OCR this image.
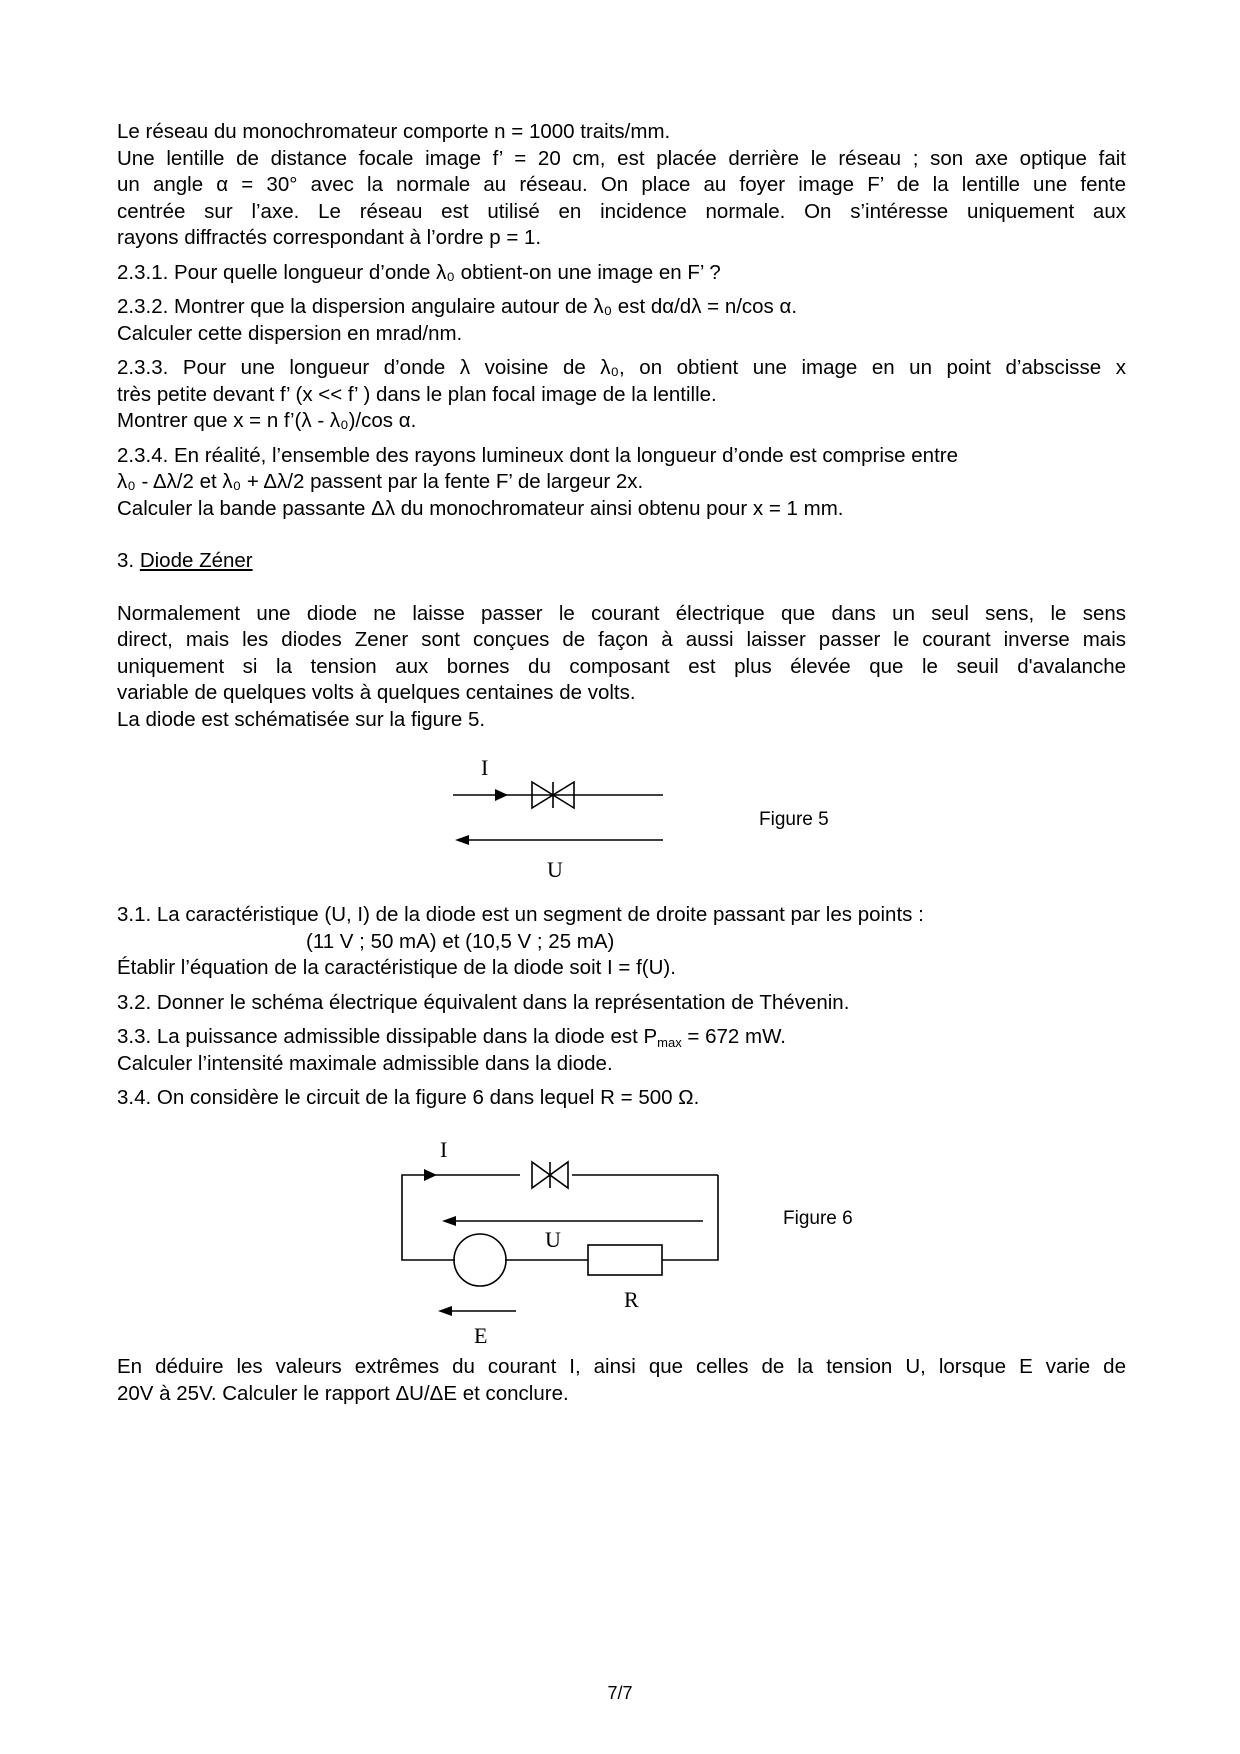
Le réseau du monochromateur comporte n = 1000 traits/mm.
Une lentille de distance focale image f’ = 20 cm, est placée derrière le réseau ; son axe optique fait
un angle α = 30° avec la normale au réseau. On place au foyer image F’ de la lentille une fente
centrée sur l’axe. Le réseau est utilisé en incidence normale. On s’intéresse uniquement aux
rayons diffractés correspondant à l’ordre p = 1.
2.3.1. Pour quelle longueur d’onde λ₀ obtient-on une image en F’ ?
2.3.2. Montrer que la dispersion angulaire autour de λ₀ est dα/dλ = n/cos α.
Calculer cette dispersion en mrad/nm.
2.3.3. Pour une longueur d’onde λ voisine de λ₀, on obtient une image en un point d’abscisse x
très petite devant f’ (x << f’ ) dans le plan focal image de la lentille.
Montrer que x = n f’(λ - λ₀)/cos α.
2.3.4. En réalité, l’ensemble des rayons lumineux dont la longueur d’onde est comprise entre
λ₀ - Δλ/2 et λ₀ + Δλ/2 passent par la fente F’ de largeur 2x.
Calculer la bande passante Δλ du monochromateur ainsi obtenu pour x = 1 mm.
3. Diode Zéner
Normalement une diode ne laisse passer le courant électrique que dans un seul sens, le sens
direct, mais les diodes Zener sont conçues de façon à aussi laisser passer le courant inverse mais
uniquement si la tension aux bornes du composant est plus élevée que le seuil d'avalanche
variable de quelques volts à quelques centaines de volts.
La diode est schématisée sur la figure 5.
I
U
Figure 5
3.1. La caractéristique (U, I) de la diode est un segment de droite passant par les points :
(11 V ; 50 mA) et (10,5 V ; 25 mA)
Établir l’équation de la caractéristique de la diode soit I = f(U).
3.2. Donner le schéma électrique équivalent dans la représentation de Thévenin.
3.3. La puissance admissible dissipable dans la diode est $P_{max} = 672$ mW.
Calculer l’intensité maximale admissible dans la diode.
3.4. On considère le circuit de la figure 6 dans lequel R = 500 Ω.
I
U
R
E
Figure 6
En déduire les valeurs extrêmes du courant I, ainsi que celles de la tension U, lorsque E varie de
20V à 25V. Calculer le rapport ΔU/ΔE et conclure.
7/7
